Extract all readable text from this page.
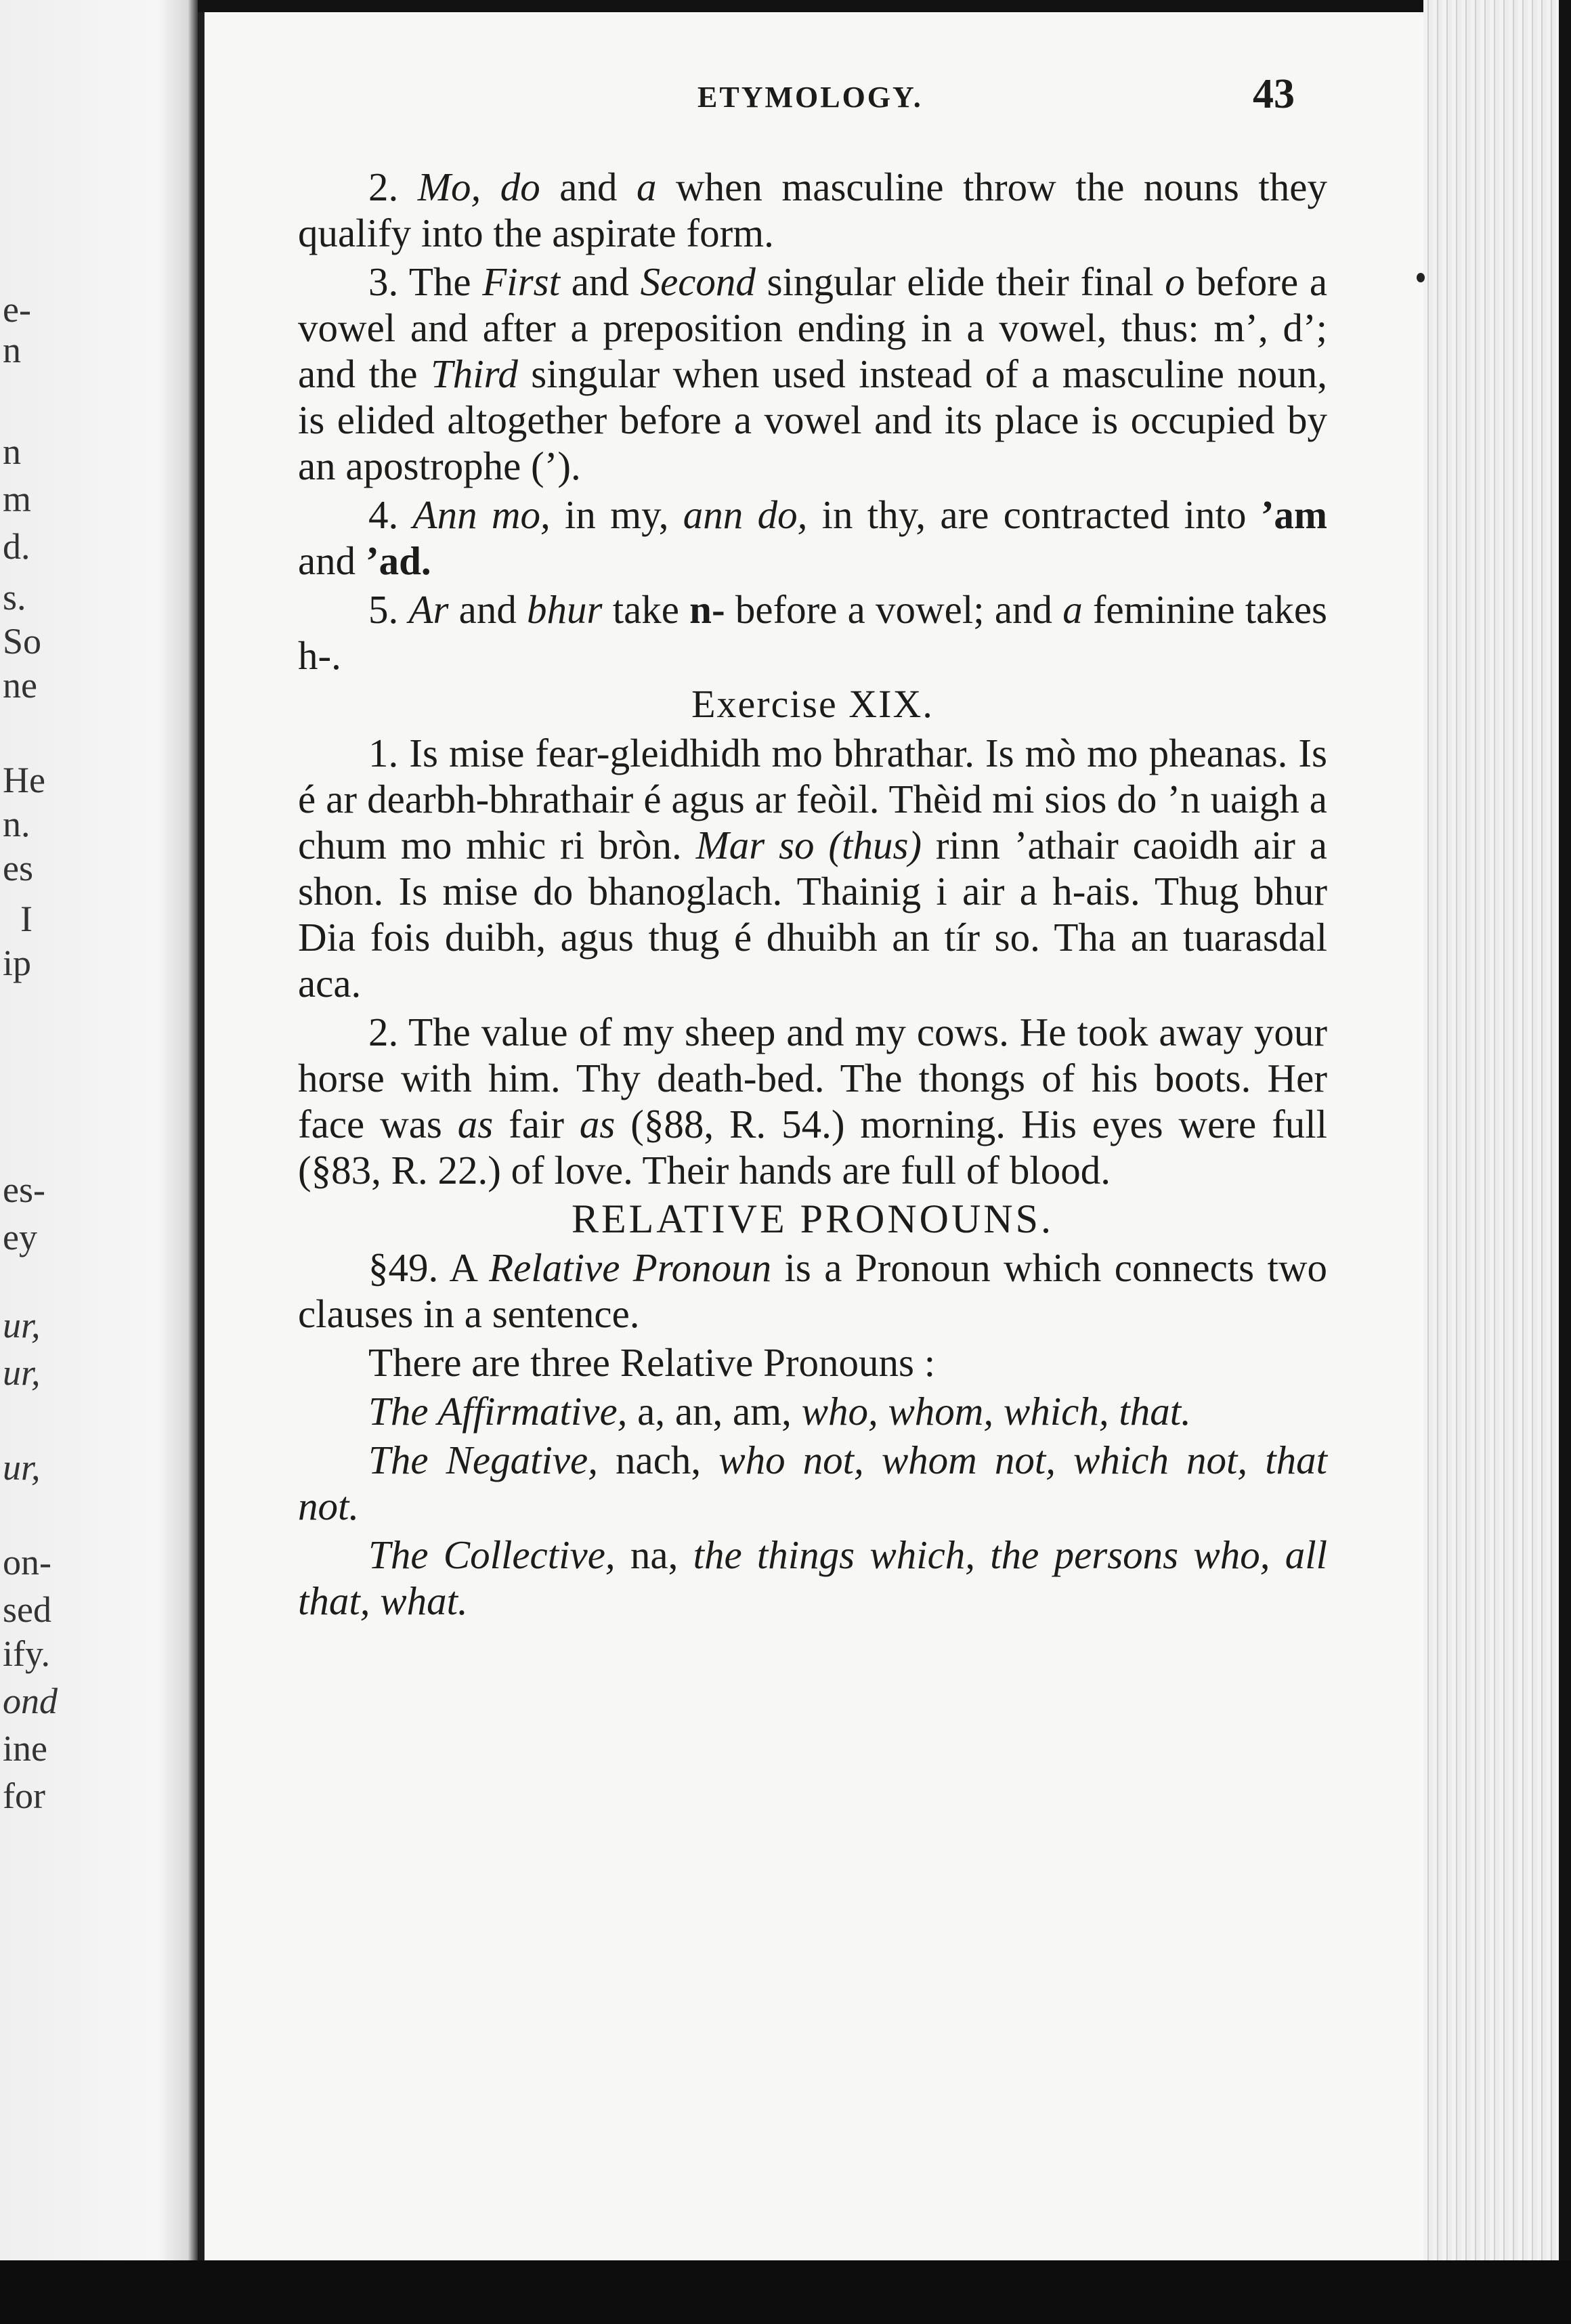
e-
n
n
m
d.
s.
So
ne
He
n.
es
I
ip
es-
ey
ur,
ur,
ur,
on-
sed
ify.
ond
ine
for
ETYMOLOGY.	43

2. Mo, do and a when masculine throw the nouns they qualify into the aspirate form.

3. The First and Second singular elide their final o before a vowel and after a preposition ending in a vowel, thus: m’, d’; and the Third singular when used instead of a masculine noun, is elided altogether before a vowel and its place is occupied by an apostrophe (’).

4. Ann mo, in my, ann do, in thy, are contracted into ’am and ’ad.

5. Ar and bhur take n- before a vowel; and a feminine takes h-.

Exercise XIX.

1. Is mise fear-gleidhidh mo bhrathar. Is mò mo pheanas. Is é ar dearbh-bhrathair é agus ar feòil. Thèid mi sios do ’n uaigh a chum mo mhic ri bròn. Mar so (thus) rinn ’athair caoidh air a shon. Is mise do bhanoglach. Thainig i air a h-ais. Thug bhur Dia fois duibh, agus thug é dhuibh an tír so. Tha an tuarasdal aca.

2. The value of my sheep and my cows. He took away your horse with him. Thy death-bed. The thongs of his boots. Her face was as fair as (§88, R. 54.) morning. His eyes were full (§83, R. 22.) of love. Their hands are full of blood.

RELATIVE PRONOUNS.

§49. A Relative Pronoun is a Pronoun which connects two clauses in a sentence.

There are three Relative Pronouns :

The Affirmative, a, an, am, who, whom, which, that.

The Negative, nach, who not, whom not, which not, that not.

The Collective, na, the things which, the persons who, all that, what.
